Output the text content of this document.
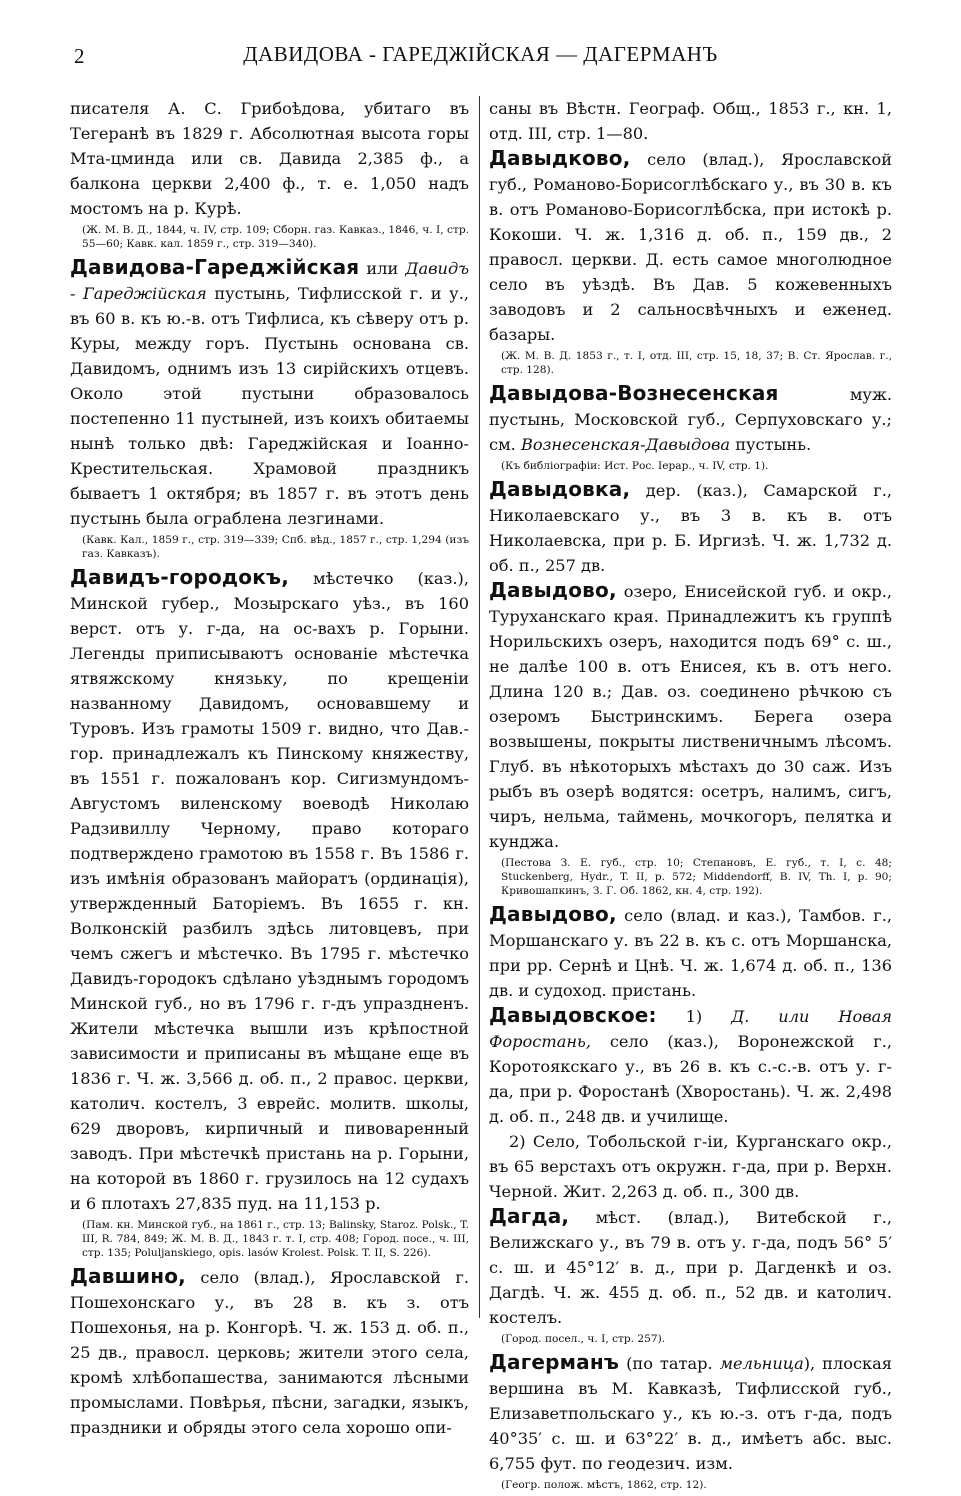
2	ДАВИДОВА - ГАРЕДЖІЙСКАЯ — ДАГЕРМАНЪ

писателя А. С. Грибоѣдова, убитаго въ Тегеранѣ въ 1829 г. Абсолютная высота горы Мта-цминда или св. Давида 2,385 ф., а балкона церкви 2,400 ф., т. е. 1,050 надъ мостомъ на р. Курѣ.

(Ж. М. В. Д., 1844, ч. IV, стр. 109; Сборн. газ. Кавказ., 1846, ч. I, стр. 55—60; Кавк. кал. 1859 г., стр. 319—340).

Давидова-Гареджійская или Давидъ - Гареджійская пустынь, Тифлисской г. и у., въ 60 в. къ ю.-в. отъ Тифлиса, къ сѣверу отъ р. Куры, между горъ. Пустынь основана св. Давидомъ, однимъ изъ 13 сирійскихъ отцевъ. Около этой пустыни образовалось постепенно 11 пустыней, изъ коихъ обитаемы нынѣ только двѣ: Гареджійская и Іоанно-Крестительская. Храмовой праздникъ бываетъ 1 октября; въ 1857 г. въ этотъ день пустынь была ограблена лезгинами.

(Кавк. Кал., 1859 г., стр. 319—339; Спб. вѣд., 1857 г., стр. 1,294 (изъ газ. Кавказъ).

Давидъ-городокъ, мѣстечко (каз.), Минской губер., Мозырскаго уѣз., въ 160 верст. отъ у. г-да, на ос-вахъ р. Горыни. Легенды приписываютъ основаніе мѣстечка ятвяжскому князьку, по крещеніи названному Давидомъ, основавшему и Туровъ. Изъ грамоты 1509 г. видно, что Дав.-гор. принадлежалъ къ Пинскому княжеству, въ 1551 г. пожалованъ кор. Сигизмундомъ-Августомъ виленскому воеводѣ Николаю Радзивиллу Черному, право котораго подтверждено грамотою въ 1558 г. Въ 1586 г. изъ имѣнія образованъ майоратъ (ординація), утвержденный Баторіемъ. Въ 1655 г. кн. Волконскій разбилъ здѣсь литовцевъ, при чемъ сжегъ и мѣстечко. Въ 1795 г. мѣстечко Давидъ-городокъ сдѣлано уѣзднымъ городомъ Минской губ., но въ 1796 г. г-дъ упраздненъ. Жители мѣстечка вышли изъ крѣпостной зависимости и приписаны въ мѣщане еще въ 1836 г. Ч. ж. 3,566 д. об. п., 2 правос. церкви, католич. костелъ, 3 еврейс. молитв. школы, 629 дворовъ, кирпичный и пивоваренный заводъ. При мѣстечкѣ пристань на р. Горыни, на которой въ 1860 г. грузилось на 12 судахъ и 6 плотахъ 27,835 пуд. на 11,153 р.

(Пам. кн. Минской губ., на 1861 г., стр. 13; Balinsky, Staroz. Polsk., T. III, R. 784, 849; Ж. М. В. Д., 1843 г. т. I, стр. 408; Город. посе., ч. III, стр. 135; Poluljanskiego, opis. lasów Krolest. Polsk. T. II, S. 226).

Давшино, село (влад.), Ярославской г. Пошехонскаго у., въ 28 в. къ з. отъ Пошехонья, на р. Конгорѣ. Ч. ж. 153 д. об. п., 25 дв., правосл. церковь; жители этого села, кромѣ хлѣбопашества, занимаются лѣсными промыслами. Повѣрья, пѣсни, загадки, языкъ, праздники и обряды этого села хорошо опи-

саны въ Вѣстн. Географ. Общ., 1853 г., кн. 1, отд. III, стр. 1—80.

Давыдково, село (влад.), Ярославской губ., Романово-Борисоглѣбскаго у., въ 30 в. къ в. отъ Романово-Борисоглѣбска, при истокѣ р. Кокоши. Ч. ж. 1,316 д. об. п., 159 дв., 2 правосл. церкви. Д. есть самое многолюдное село въ уѣздѣ. Въ Дав. 5 кожевенныхъ заводовъ и 2 сальносвѣчныхъ и еженед. базары.

(Ж. М. В. Д. 1853 г., т. I, отд. III, стр. 15, 18, 37; В. Ст. Ярослав. г., стр. 128).

Давыдова-Вознесенская муж. пустынь, Московской губ., Серпуховскаго у.; см. Вознесенская-Давыдова пустынь.

(Къ библіографіи: Ист. Рос. Іерар., ч. IV, стр. 1).

Давыдовка, дер. (каз.), Самарской г., Николаевскаго у., въ 3 в. къ в. отъ Николаевска, при р. Б. Иргизѣ. Ч. ж. 1,732 д. об. п., 257 дв.

Давыдово, озеро, Енисейской губ. и окр., Туруханскаго края. Принадлежитъ къ группѣ Норильскихъ озеръ, находится подъ 69° с. ш., не далѣе 100 в. отъ Енисея, къ в. отъ него. Длина 120 в.; Дав. оз. соединено рѣчкою съ озеромъ Быстринскимъ. Берега озера возвышены, покрыты лиственичнымъ лѣсомъ. Глуб. въ нѣкоторыхъ мѣстахъ до 30 саж. Изъ рыбъ въ озерѣ водятся: осетръ, налимъ, сигъ, чиръ, нельма, таймень, мочкогоръ, пелятка и кунджа.

(Пестова З. Е. губ., стр. 10; Степановъ, Е. губ., т. I, с. 48; Stuckenberg, Hydr., T. II, p. 572; Middendorff, B. IV, Th. I, p. 90; Кривошапкинъ, З. Г. Об. 1862, кн. 4, стр. 192).

Давыдово, село (влад. и каз.), Тамбов. г., Моршанскаго у. въ 22 в. къ с. отъ Моршанска, при рр. Сернѣ и Цнѣ. Ч. ж. 1,674 д. об. п., 136 дв. и судоход. пристань.

Давыдовское: 1) Д. или Новая Форостань, село (каз.), Воронежской г., Коротоякскаго у., въ 26 в. къ с.-с.-в. отъ у. г-да, при р. Форостанѣ (Хворостань). Ч. ж. 2,498 д. об. п., 248 дв. и училище.

2) Село, Тобольской г-іи, Курганскаго окр., въ 65 верстахъ отъ окружн. г-да, при р. Верхн. Черной. Жит. 2,263 д. об. п., 300 дв.

Дагда, мѣст. (влад.), Витебской г., Велижскаго у., въ 79 в. отъ у. г-да, подъ 56° 5′ с. ш. и 45°12′ в. д., при р. Дагденкѣ и оз. Дагдѣ. Ч. ж. 455 д. об. п., 52 дв. и католич. костелъ.

(Город. посел., ч. I, стр. 257).

Дагерманъ (по татар. мельница), плоская вершина въ М. Кавказѣ, Тифлисской губ., Елизаветпольскаго у., къ ю.-з. отъ г-да, подъ 40°35′ с. ш. и 63°22′ в. д., имѣетъ абс. выс. 6,755 фут. по геодезич. изм.

(Геогр. полож. мѣстъ, 1862, стр. 12).
